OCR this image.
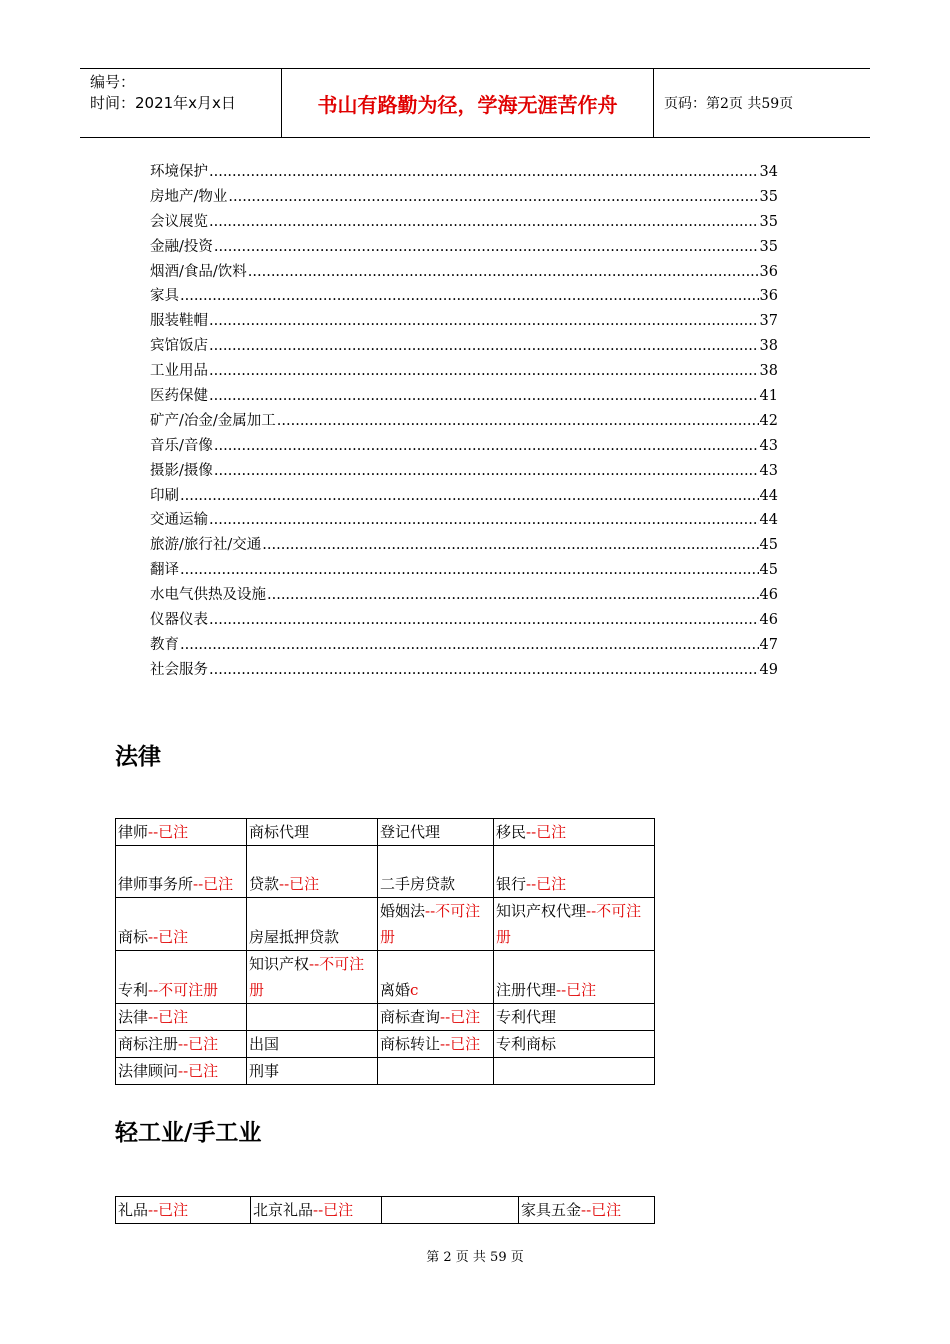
编号：
时间：2021年x月x日	书山有路勤为径，学海无涯苦作舟	页码：第2页 共59页
环境保护 .....	34
房地产/物业 .....	35
会议展览 .....	35
金融/投资 .....	35
烟酒/食品/饮料 .....	36
家具 .....	36
服装鞋帽 .....	37
宾馆饭店 .....	38
工业用品 .....	38
医药保健 .....	41
矿产/冶金/金属加工 .....	42
音乐/音像 .....	43
摄影/摄像 .....	43
印刷 .....	44
交通运输 .....	44
旅游/旅行社/交通 .....	45
翻译 .....	45
水电气供热及设施 .....	46
仪器仪表 .....	46
教育 .....	47
社会服务 .....	49
法律
律师--已注	商标代理	登记代理	移民--已注
律师事务所--已注	贷款--已注	二手房贷款	银行--已注
商标--已注	房屋抵押贷款	婚姻法--不可注册	知识产权代理--不可注册
专利--不可注册	知识产权--不可注册	离婚c	注册代理--已注
法律--已注		商标查询--已注	专利代理
商标注册--已注	出国	商标转让--已注	专利商标
法律顾问--已注	刑事		
轻工业/手工业
礼品--已注	北京礼品--已注		家具五金--已注
第 2 页 共 59 页
